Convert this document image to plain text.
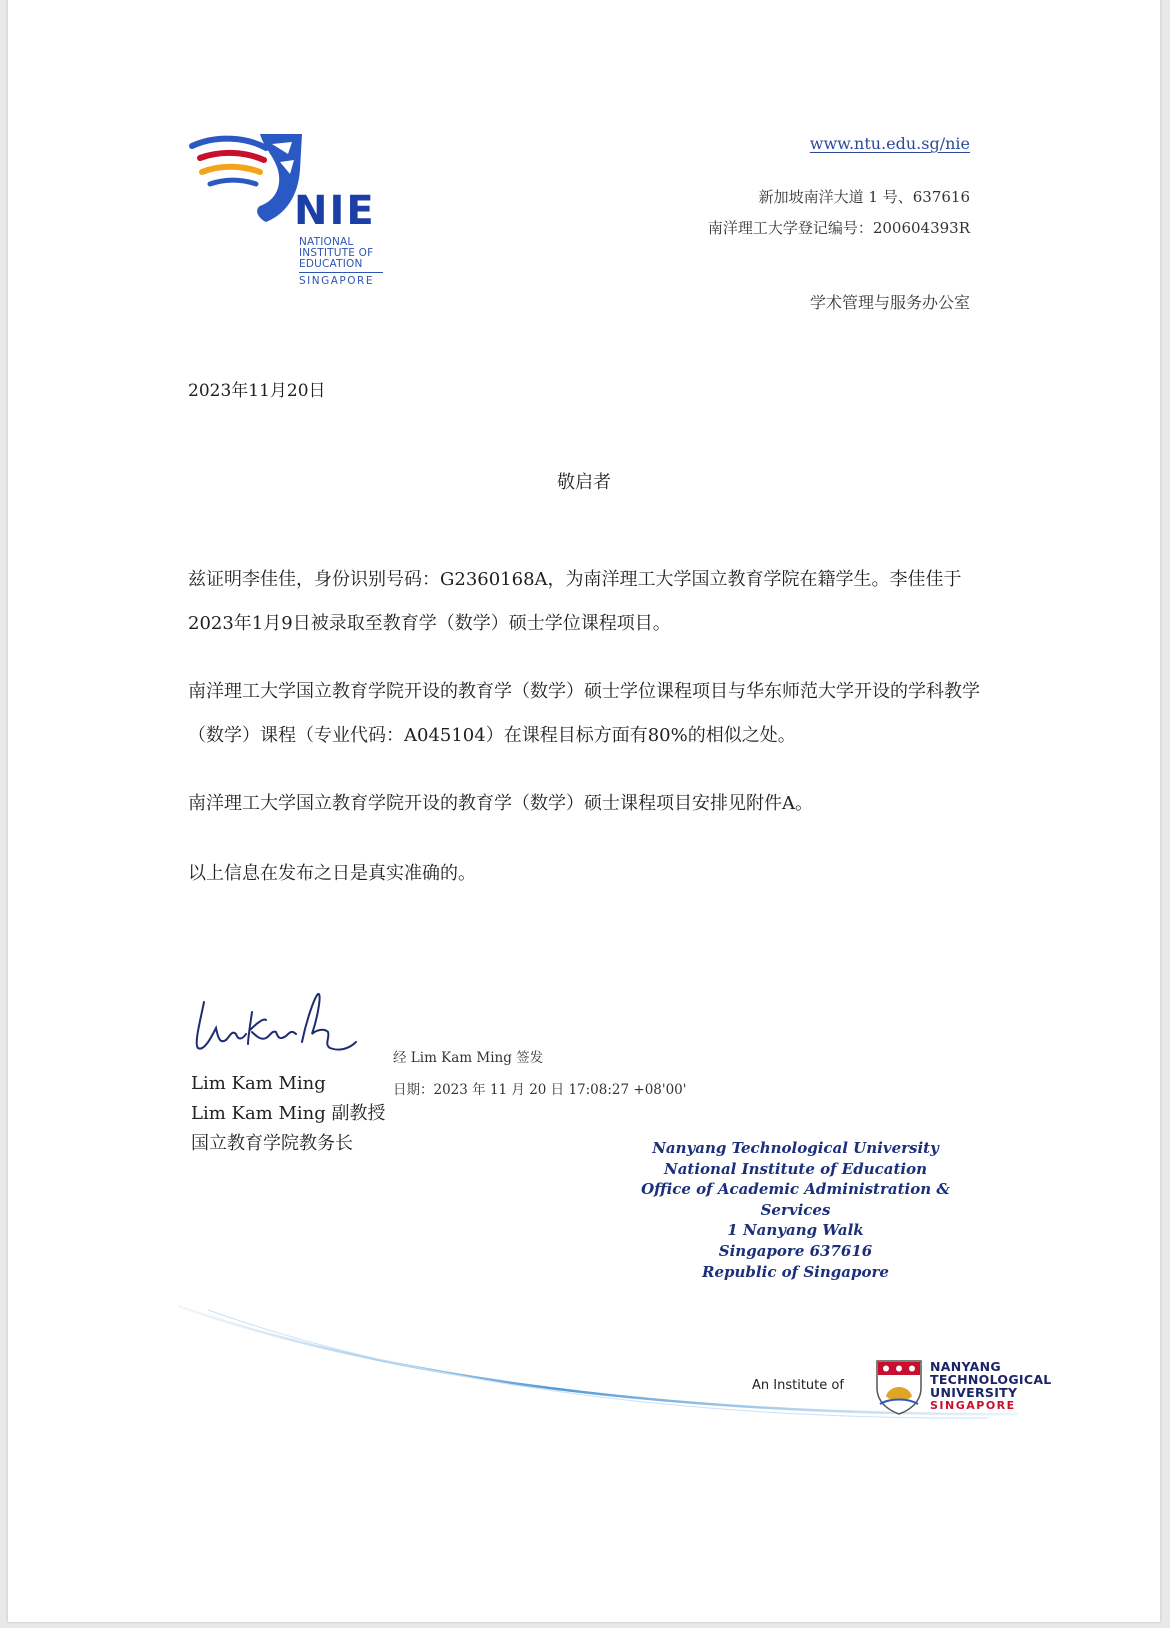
NIE
NATIONAL
INSTITUTE OF
EDUCATION
SINGAPORE
www.ntu.edu.sg/nie
新加坡南洋大道 1 号、637616
南洋理工大学登记编号：200604393R
学术管理与服务办公室
2023年11月20日
敬启者
兹证明李佳佳，身份识别号码：G2360168A，为南洋理工大学国立教育学院在籍学生。李佳佳于2023年1月9日被录取至教育学（数学）硕士学位课程项目。
南洋理工大学国立教育学院开设的教育学（数学）硕士学位课程项目与华东师范大学开设的学科教学（数学）课程（专业代码：A045104）在课程目标方面有80%的相似之处。
南洋理工大学国立教育学院开设的教育学（数学）硕士课程项目安排见附件A。
以上信息在发布之日是真实准确的。
经 Lim Kam Ming 签发
日期：2023 年 11 月 20 日 17:08:27 +08'00'
Lim Kam Ming
Lim Kam Ming 副教授
国立教育学院教务长	Nanyang Technological University
National Institute of Education
Office of Academic Administration & Services
1 Nanyang Walk
Singapore 637616
Republic of Singapore
An Institute of
NANYANG
TECHNOLOGICAL
UNIVERSITY
SINGAPORE
